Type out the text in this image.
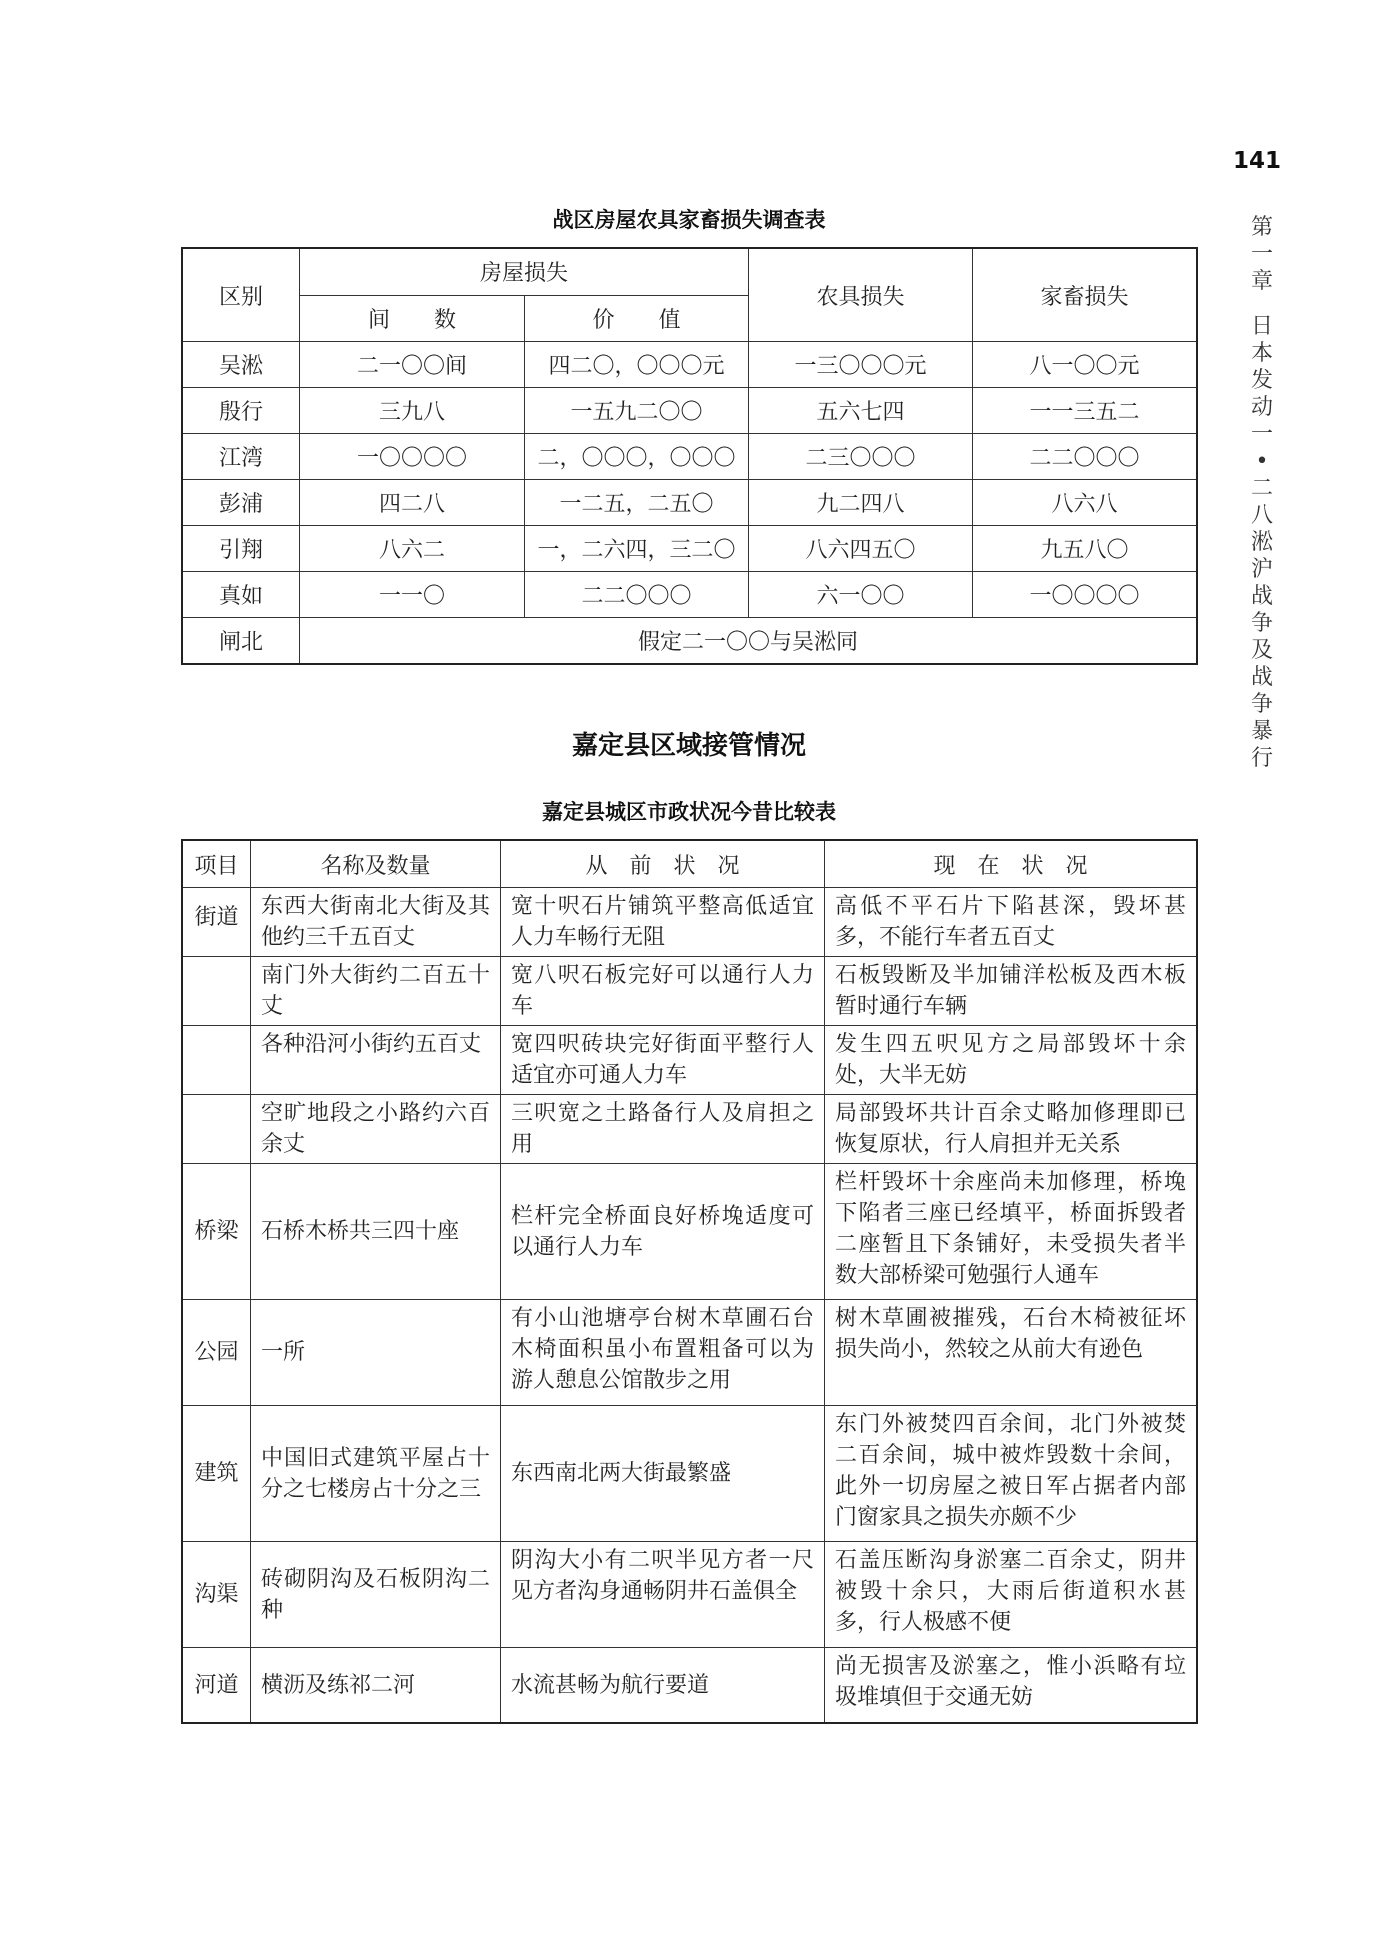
141
第
一
章
日
本
发
动
一
•
二
八
淞
沪
战
争
及
战
争
暴
行
战区房屋农具家畜损失调查表
区别	房屋损失		农具损失	家畜损失
	间　　数	价　　值		
吴淞	二一〇〇间	四二〇，〇〇〇元	一三〇〇〇元	八一〇〇元
殷行	三九八	一五九二〇〇	五六七四	一一三五二
江湾	一〇〇〇〇	二，〇〇〇，〇〇〇	二三〇〇〇	二二〇〇〇
彭浦	四二八	一二五，二五〇	九二四八	八六八
引翔	八六二	一，二六四，三二〇	八六四五〇	九五八〇
真如	一一〇	二二〇〇〇	六一〇〇	一〇〇〇〇
闸北	假定二一〇〇与吴淞同			
嘉定县区域接管情况
嘉定县城区市政状况今昔比较表
项目	名称及数量	从　前　状　况	现　在　状　况
街道	东西大街南北大街及其他约三千五百丈	宽十呎石片铺筑平整高低适宜人力车畅行无阻	高低不平石片下陷甚深，毁坏甚多，不能行车者五百丈
	南门外大街约二百五十丈	宽八呎石板完好可以通行人力车	石板毁断及半加铺洋松板及西木板暂时通行车辆
	各种沿河小街约五百丈	宽四呎砖块完好街面平整行人适宜亦可通人力车	发生四五呎见方之局部毁坏十余处，大半无妨
	空旷地段之小路约六百余丈	三呎宽之土路备行人及肩担之用	局部毁坏共计百余丈略加修理即已恢复原状，行人肩担并无关系
桥梁	石桥木桥共三四十座	栏杆完全桥面良好桥堍适度可以通行人力车	栏杆毁坏十余座尚未加修理，桥堍下陷者三座已经填平，桥面拆毁者二座暂且下条铺好，未受损失者半数大部桥梁可勉强行人通车
公园	一所	有小山池塘亭台树木草圃石台木椅面积虽小布置粗备可以为游人憩息公馆散步之用	树木草圃被摧残，石台木椅被征坏损失尚小，然较之从前大有逊色
建筑	中国旧式建筑平屋占十分之七楼房占十分之三	东西南北两大街最繁盛	东门外被焚四百余间，北门外被焚二百余间，城中被炸毁数十余间，此外一切房屋之被日军占据者内部门窗家具之损失亦颇不少
沟渠	砖砌阴沟及石板阴沟二种	阴沟大小有二呎半见方者一尺见方者沟身通畅阴井石盖俱全	石盖压断沟身淤塞二百余丈，阴井被毁十余只，大雨后街道积水甚多，行人极感不便
河道	横沥及练祁二河	水流甚畅为航行要道	尚无损害及淤塞之，惟小浜略有垃圾堆填但于交通无妨
